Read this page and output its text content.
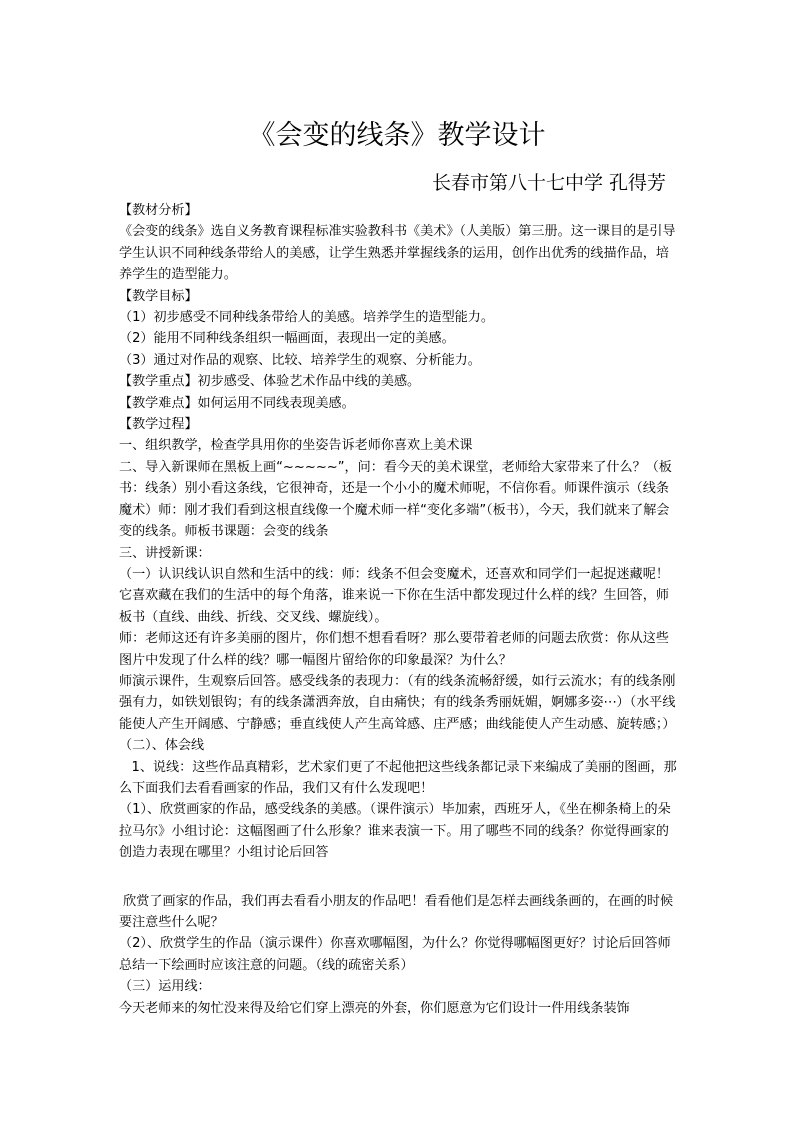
《会变的线条》教学设计
长春市第八十七中学 孔得芳

【教材分析】

《会变的线条》选自义务教育课程标准实验教科书《美术》（人美版）第三册。这一课目的是引导学生认识不同种线条带给人的美感，让学生熟悉并掌握线条的运用，创作出优秀的线描作品，培养学生的造型能力。

【教学目标】

（1）初步感受不同种线条带给人的美感。培养学生的造型能力。

（2）能用不同种线条组织一幅画面，表现出一定的美感。

（3）通过对作品的观察、比较、培养学生的观察、分析能力。

【教学重点】初步感受、体验艺术作品中线的美感。

【教学难点】如何运用不同线表现美感。

【教学过程】

一、组织教学，检查学具用你的坐姿告诉老师你喜欢上美术课

二、导入新课师在黑板上画“~~~~~”，问：看今天的美术课堂，老师给大家带来了什么？（板书：线条）别小看这条线，它很神奇，还是一个小小的魔术师呢，不信你看。师课件演示（线条魔术）师：刚才我们看到这根直线像一个魔术师一样“变化多端”（板书），今天，我们就来了解会变的线条。师板书课题：会变的线条

三、讲授新课：

（一）认识线认识自然和生活中的线：师：线条不但会变魔术，还喜欢和同学们一起捉迷藏呢！它喜欢藏在我们的生活中的每个角落，谁来说一下你在生活中都发现过什么样的线？生回答，师板书（直线、曲线、折线、交叉线、螺旋线）。

师：老师这还有许多美丽的图片，你们想不想看看呀？那么要带着老师的问题去欣赏：你从这些图片中发现了什么样的线？哪一幅图片留给你的印象最深？为什么？

师演示课件，生观察后回答。感受线条的表现力：（有的线条流畅舒缓，如行云流水；有的线条刚强有力，如铁划银钩；有的线条潇洒奔放，自由痛快；有的线条秀丽妩媚，婀娜多姿⋯）（水平线能使人产生开阔感、宁静感；垂直线使人产生高耸感、庄严感；曲线能使人产生动感、旋转感；）

（二）、体会线

1、说线：这些作品真精彩，艺术家们更了不起他把这些线条都记录下来编成了美丽的图画，那么下面我们去看看画家的作品，我们又有什么发现吧！

（1）、欣赏画家的作品，感受线条的美感。（课件演示）毕加索，西班牙人，《坐在柳条椅上的朵拉马尔》小组讨论：这幅图画了什么形象？谁来表演一下。用了哪些不同的线条？你觉得画家的创造力表现在哪里？小组讨论后回答

欣赏了画家的作品，我们再去看看小朋友的作品吧！看看他们是怎样去画线条画的，在画的时候要注意些什么呢？

（2）、欣赏学生的作品（演示课件）你喜欢哪幅图，为什么？你觉得哪幅图更好？讨论后回答师总结一下绘画时应该注意的问题。（线的疏密关系）

（三）运用线：

今天老师来的匆忙没来得及给它们穿上漂亮的外套，你们愿意为它们设计一件用线条装饰
